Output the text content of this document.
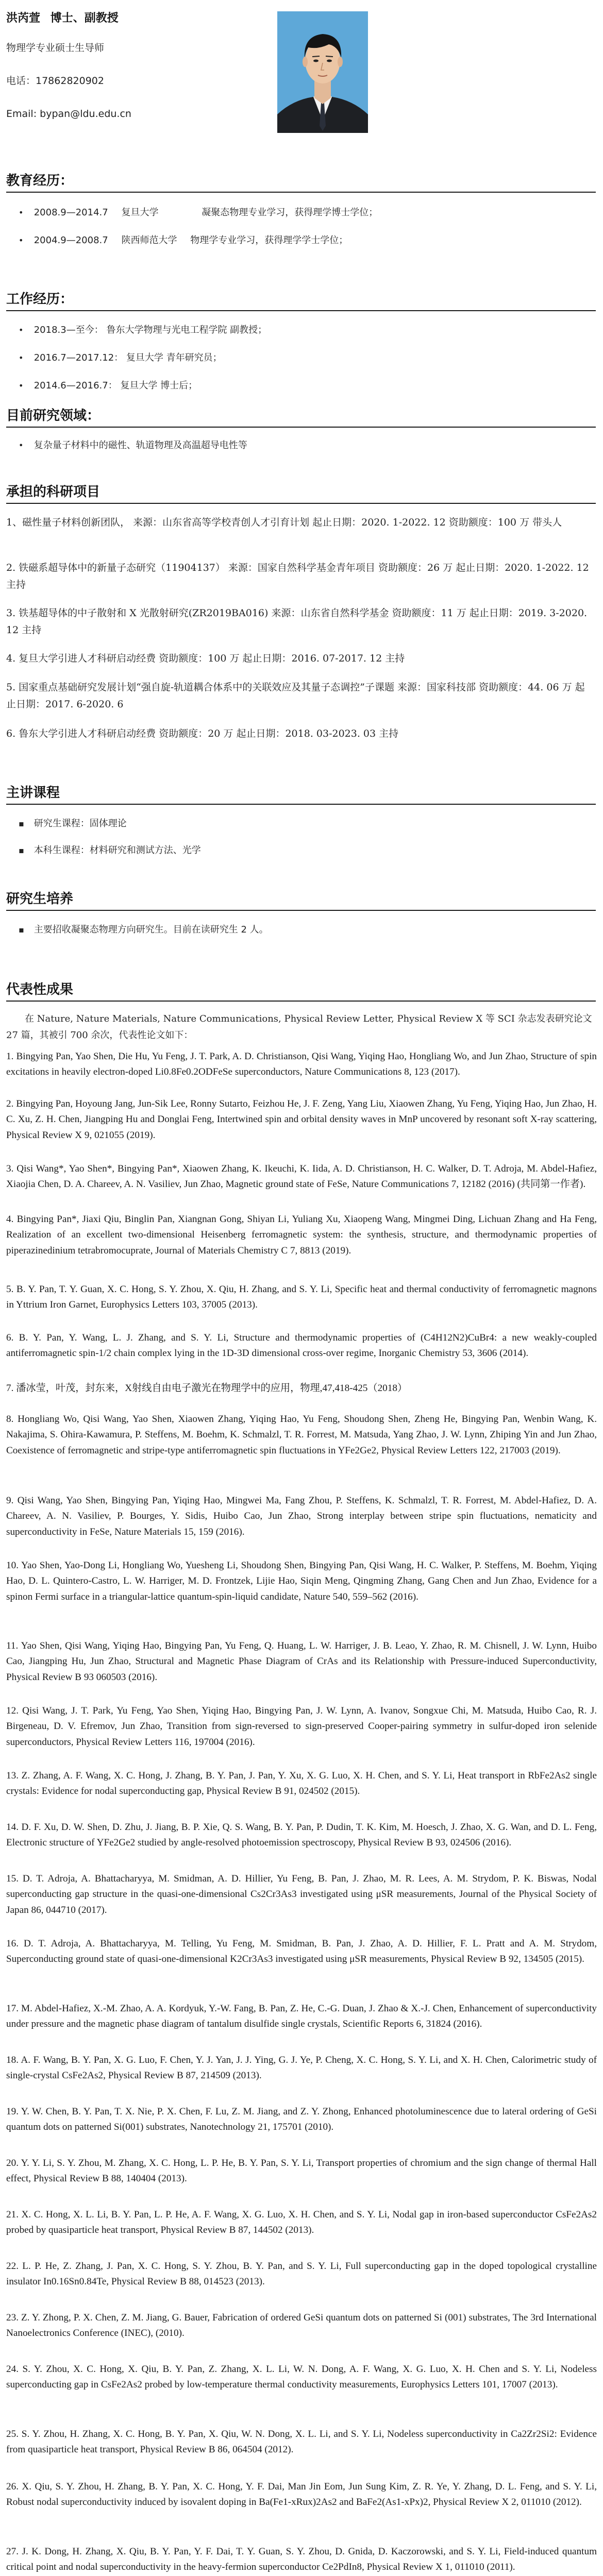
洪芮萱 博士、副教授
物理学专业硕士生导师
电话：17862820902
Email: bypan@ldu.edu.cn
教育经历：
• 2008.9—2014.7 复旦大学	凝聚态物理专业学习，获得理学博士学位；
• 2004.9—2008.7 陕西师范大学 物理学专业学习，获得理学学士学位；
工作经历：
• 2018.3—至今： 鲁东大学物理与光电工程学院 副教授；
• 2016.7—2017.12： 复旦大学 青年研究员；
• 2014.6—2016.7： 复旦大学 博士后；
目前研究领域：
• 复杂量子材料中的磁性、轨道物理及高温超导电性等
承担的科研项目
1、磁性量子材料创新团队， 来源：山东省高等学校青创人才引育计划 起止日期：2020. 1-2022. 12 资助额度：100 万 带头人
2. 铁磁系超导体中的新量子态研究（11904137） 来源：国家自然科学基金青年项目 资助额度：26 万 起止日期：2020. 1-2022. 12 主持
3. 铁基超导体的中子散射和 X 光散射研究(ZR2019BA016) 来源：山东省自然科学基金 资助额度：11 万 起止日期：2019. 3-2020. 12 主持
4. 复旦大学引进人才科研启动经费 资助额度：100 万 起止日期：2016. 07-2017. 12 主持
5. 国家重点基础研究发展计划“强自旋-轨道耦合体系中的关联效应及其量子态调控”子课题 来源：国家科技部 资助额度：44. 06 万 起止日期：2017. 6-2020. 6
6. 鲁东大学引进人才科研启动经费 资助额度：20 万 起止日期：2018. 03-2023. 03 主持
主讲课程
▪ 研究生课程：固体理论
▪ 本科生课程：材料研究和测试方法、光学
研究生培养
▪ 主要招收凝聚态物理方向研究生。目前在读研究生 2 人。
代表性成果
在 Nature, Nature Materials, Nature Communications, Physical Review Letter, Physical Review X 等 SCI 杂志发表研究论文 27 篇，其被引 700 余次，代表性论文如下：
1. Bingying Pan, Yao Shen, Die Hu, Yu Feng, J. T. Park, A. D. Christianson, Qisi Wang, Yiqing Hao, Hongliang Wo, and Jun Zhao, Structure of spin excitations in heavily electron-doped Li0.8Fe0.2ODFeSe superconductors, Nature Communications 8, 123 (2017).
2. Bingying Pan, Hoyoung Jang, Jun-Sik Lee, Ronny Sutarto, Feizhou He, J. F. Zeng, Yang Liu, Xiaowen Zhang, Yu Feng, Yiqing Hao, Jun Zhao, H. C. Xu, Z. H. Chen, Jiangping Hu and Donglai Feng, Intertwined spin and orbital density waves in MnP uncovered by resonant soft X-ray scattering, Physical Review X 9, 021055 (2019).
3. Qisi Wang*, Yao Shen*, Bingying Pan*, Xiaowen Zhang, K. Ikeuchi, K. Iida, A. D. Christianson, H. C. Walker, D. T. Adroja, M. Abdel-Hafiez, Xiaojia Chen, D. A. Chareev, A. N. Vasiliev, Jun Zhao, Magnetic ground state of FeSe, Nature Communications 7, 12182 (2016) (共同第一作者).
4. Bingying Pan*, Jiaxi Qiu, Binglin Pan, Xiangnan Gong, Shiyan Li, Yuliang Xu, Xiaopeng Wang, Mingmei Ding, Lichuan Zhang and Ha Feng, Realization of an excellent two-dimensional Heisenberg ferromagnetic system: the synthesis, structure, and thermodynamic properties of piperazinedinium tetrabromocuprate, Journal of Materials Chemistry C 7, 8813 (2019).
5. B. Y. Pan, T. Y. Guan, X. C. Hong, S. Y. Zhou, X. Qiu, H. Zhang, and S. Y. Li, Specific heat and thermal conductivity of ferromagnetic magnons in Yttrium Iron Garnet, Europhysics Letters 103, 37005 (2013).
6. B. Y. Pan, Y. Wang, L. J. Zhang, and S. Y. Li, Structure and thermodynamic properties of (C4H12N2)CuBr4: a new weakly-coupled antiferromagnetic spin-1/2 chain complex lying in the 1D-3D dimensional cross-over regime, Inorganic Chemistry 53, 3606 (2014).
7. 潘冰莹，叶茂，封东来，X射线自由电子激光在物理学中的应用，物理,47,418-425（2018）
8. Hongliang Wo, Qisi Wang, Yao Shen, Xiaowen Zhang, Yiqing Hao, Yu Feng, Shoudong Shen, Zheng He, Bingying Pan, Wenbin Wang, K. Nakajima, S. Ohira-Kawamura, P. Steffens, M. Boehm, K. Schmalzl, T. R. Forrest, M. Matsuda, Yang Zhao, J. W. Lynn, Zhiping Yin and Jun Zhao, Coexistence of ferromagnetic and stripe-type antiferromagnetic spin fluctuations in YFe2Ge2, Physical Review Letters 122, 217003 (2019).
9. Qisi Wang, Yao Shen, Bingying Pan, Yiqing Hao, Mingwei Ma, Fang Zhou, P. Steffens, K. Schmalzl, T. R. Forrest, M. Abdel-Hafiez, D. A. Chareev, A. N. Vasiliev, P. Bourges, Y. Sidis, Huibo Cao, Jun Zhao, Strong interplay between stripe spin fluctuations, nematicity and superconductivity in FeSe, Nature Materials 15, 159 (2016).
10. Yao Shen, Yao-Dong Li, Hongliang Wo, Yuesheng Li, Shoudong Shen, Bingying Pan, Qisi Wang, H. C. Walker, P. Steffens, M. Boehm, Yiqing Hao, D. L. Quintero-Castro, L. W. Harriger, M. D. Frontzek, Lijie Hao, Siqin Meng, Qingming Zhang, Gang Chen and Jun Zhao, Evidence for a spinon Fermi surface in a triangular-lattice quantum-spin-liquid candidate, Nature 540, 559–562 (2016).
11. Yao Shen, Qisi Wang, Yiqing Hao, Bingying Pan, Yu Feng, Q. Huang, L. W. Harriger, J. B. Leao, Y. Zhao, R. M. Chisnell, J. W. Lynn, Huibo Cao, Jiangping Hu, Jun Zhao, Structural and Magnetic Phase Diagram of CrAs and its Relationship with Pressure-induced Superconductivity, Physical Review B 93 060503 (2016).
12. Qisi Wang, J. T. Park, Yu Feng, Yao Shen, Yiqing Hao, Bingying Pan, J. W. Lynn, A. Ivanov, Songxue Chi, M. Matsuda, Huibo Cao, R. J. Birgeneau, D. V. Efremov, Jun Zhao, Transition from sign-reversed to sign-preserved Cooper-pairing symmetry in sulfur-doped iron selenide superconductors, Physical Review Letters 116, 197004 (2016).
13. Z. Zhang, A. F. Wang, X. C. Hong, J. Zhang, B. Y. Pan, J. Pan, Y. Xu, X. G. Luo, X. H. Chen, and S. Y. Li, Heat transport in RbFe2As2 single crystals: Evidence for nodal superconducting gap, Physical Review B 91, 024502 (2015).
14. D. F. Xu, D. W. Shen, D. Zhu, J. Jiang, B. P. Xie, Q. S. Wang, B. Y. Pan, P. Dudin, T. K. Kim, M. Hoesch, J. Zhao, X. G. Wan, and D. L. Feng, Electronic structure of YFe2Ge2 studied by angle-resolved photoemission spectroscopy, Physical Review B 93, 024506 (2016).
15. D. T. Adroja, A. Bhattacharyya, M. Smidman, A. D. Hillier, Yu Feng, B. Pan, J. Zhao, M. R. Lees, A. M. Strydom, P. K. Biswas, Nodal superconducting gap structure in the quasi-one-dimensional Cs2Cr3As3 investigated using μSR measurements, Journal of the Physical Society of Japan 86, 044710 (2017).
16. D. T. Adroja, A. Bhattacharyya, M. Telling, Yu Feng, M. Smidman, B. Pan, J. Zhao, A. D. Hillier, F. L. Pratt and A. M. Strydom, Superconducting ground state of quasi-one-dimensional K2Cr3As3 investigated using μSR measurements, Physical Review B 92, 134505 (2015).
17. M. Abdel-Hafiez, X.-M. Zhao, A. A. Kordyuk, Y.-W. Fang, B. Pan, Z. He, C.-G. Duan, J. Zhao & X.-J. Chen, Enhancement of superconductivity under pressure and the magnetic phase diagram of tantalum disulfide single crystals, Scientific Reports 6, 31824 (2016).
18. A. F. Wang, B. Y. Pan, X. G. Luo, F. Chen, Y. J. Yan, J. J. Ying, G. J. Ye, P. Cheng, X. C. Hong, S. Y. Li, and X. H. Chen, Calorimetric study of single-crystal CsFe2As2, Physical Review B 87, 214509 (2013).
19. Y. W. Chen, B. Y. Pan, T. X. Nie, P. X. Chen, F. Lu, Z. M. Jiang, and Z. Y. Zhong, Enhanced photoluminescence due to lateral ordering of GeSi quantum dots on patterned Si(001) substrates, Nanotechnology 21, 175701 (2010).
20. Y. Y. Li, S. Y. Zhou, M. Zhang, X. C. Hong, L. P. He, B. Y. Pan, S. Y. Li, Transport properties of chromium and the sign change of thermal Hall effect, Physical Review B 88, 140404 (2013).
21. X. C. Hong, X. L. Li, B. Y. Pan, L. P. He, A. F. Wang, X. G. Luo, X. H. Chen, and S. Y. Li, Nodal gap in iron-based superconductor CsFe2As2 probed by quasiparticle heat transport, Physical Review B 87, 144502 (2013).
22. L. P. He, Z. Zhang, J. Pan, X. C. Hong, S. Y. Zhou, B. Y. Pan, and S. Y. Li, Full superconducting gap in the doped topological crystalline insulator In0.16Sn0.84Te, Physical Review B 88, 014523 (2013).
23. Z. Y. Zhong, P. X. Chen, Z. M. Jiang, G. Bauer, Fabrication of ordered GeSi quantum dots on patterned Si (001) substrates, The 3rd International Nanoelectronics Conference (INEC), (2010).
24. S. Y. Zhou, X. C. Hong, X. Qiu, B. Y. Pan, Z. Zhang, X. L. Li, W. N. Dong, A. F. Wang, X. G. Luo, X. H. Chen and S. Y. Li, Nodeless superconducting gap in CsFe2As2 probed by low-temperature thermal conductivity measurements, Europhysics Letters 101, 17007 (2013).
25. S. Y. Zhou, H. Zhang, X. C. Hong, B. Y. Pan, X. Qiu, W. N. Dong, X. L. Li, and S. Y. Li, Nodeless superconductivity in Ca2Zr2Si2: Evidence from quasiparticle heat transport, Physical Review B 86, 064504 (2012).
26. X. Qiu, S. Y. Zhou, H. Zhang, B. Y. Pan, X. C. Hong, Y. F. Dai, Man Jin Eom, Jun Sung Kim, Z. R. Ye, Y. Zhang, D. L. Feng, and S. Y. Li, Robust nodal superconductivity induced by isovalent doping in Ba(Fe1-xRux)2As2 and BaFe2(As1-xPx)2, Physical Review X 2, 011010 (2012).
27. J. K. Dong, H. Zhang, X. Qiu, B. Y. Pan, Y. F. Dai, T. Y. Guan, S. Y. Zhou, D. Gnida, D. Kaczorowski, and S. Y. Li, Field-induced quantum critical point and nodal superconductivity in the heavy-fermion superconductor Ce2PdIn8, Physical Review X 1, 011010 (2011).
